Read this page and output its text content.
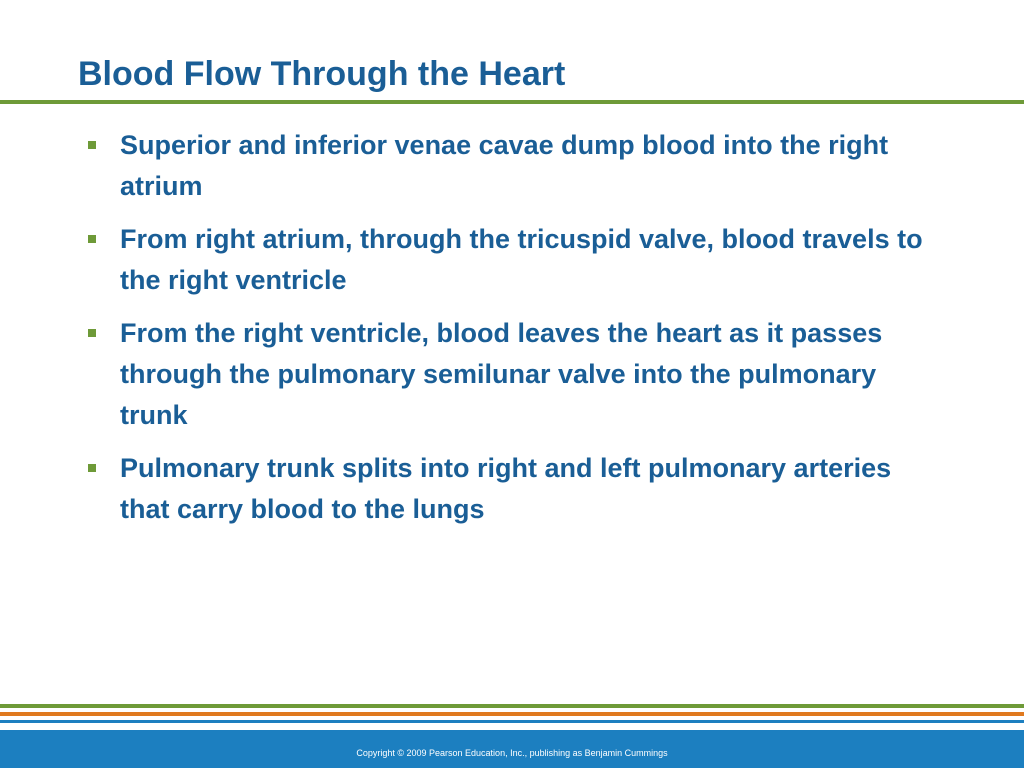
Blood Flow Through the Heart
Superior and inferior venae cavae dump blood into the right atrium
From right atrium, through the tricuspid valve, blood travels to the right ventricle
From the right ventricle, blood leaves the heart as it passes through the pulmonary semilunar valve into the pulmonary trunk
Pulmonary trunk splits into right and left pulmonary arteries that carry blood to the lungs
Copyright © 2009 Pearson Education, Inc., publishing as Benjamin Cummings
